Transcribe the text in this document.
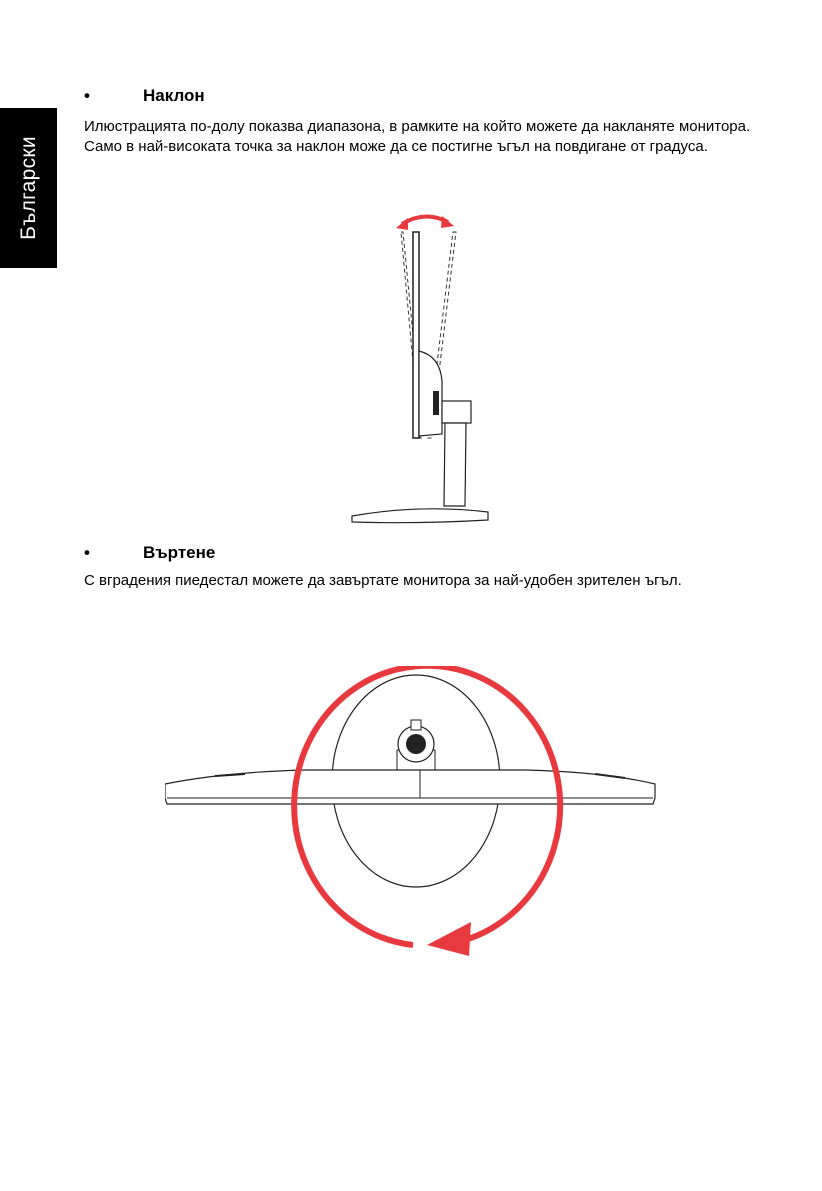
Български
•	Наклон

Илюстрацията по-долу показва диапазона, в рамките на който можете да накланяте монитора.

Само в най-високата точка за наклон може да се постигне ъгъл на повдигане от градуса.

•	Въртене

С вградения пиедестал можете да завъртате монитора за най-удобен зрителен ъгъл.
